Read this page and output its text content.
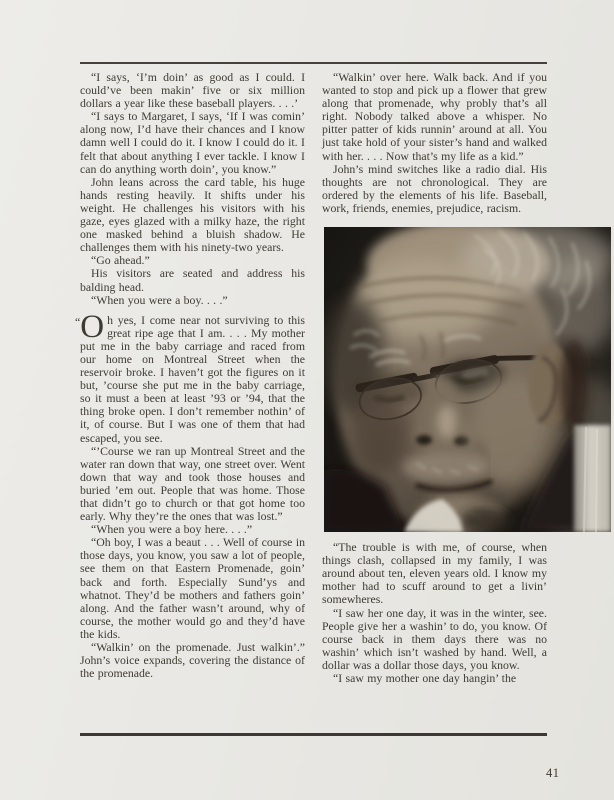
“I says, ‘I’m doin’ as good as I could. I could’ve been makin’ five or six million dollars a year like these baseball players. . . .’

“I says to Margaret, I says, ‘If I was comin’ along now, I’d have their chances and I know damn well I could do it. I know I could do it. I felt that about anything I ever tackle. I know I can do anything worth doin’, you know.”

John leans across the card table, his huge hands resting heavily. It shifts under his weight. He challenges his visitors with his gaze, eyes glazed with a milky haze, the right one masked behind a bluish shadow. He challenges them with his ninety-two years.

“Go ahead.”

His visitors are seated and address his balding head.

“When you were a boy. . . .”

“ O h yes, I come near not surviving to this great ripe age that I am. . . . My mother put me in the baby carriage and raced from our home on Montreal Street when the reservoir broke. I haven’t got the figures on it but, ’course she put me in the baby carriage, so it must a been at least ’93 or ’94, that the thing broke open. I don’t remember nothin’ of it, of course. But I was one of them that had escaped, you see.

“’Course we ran up Montreal Street and the water ran down that way, one street over. Went down that way and took those houses and buried ’em out. People that was home. Those that didn’t go to church or that got home too early. Why they’re the ones that was lost.”

“When you were a boy here. . . .”

“Oh boy, I was a beaut . . . Well of course in those days, you know, you saw a lot of people, see them on that Eastern Promenade, goin’ back and forth. Especially Sund’ys and whatnot. They’d be mothers and fathers goin’ along. And the father wasn’t around, why of course, the mother would go and they’d have the kids.

“Walkin’ on the promenade. Just walkin’.” John’s voice expands, covering the distance of the promenade.

“Walkin’ over here. Walk back. And if you wanted to stop and pick up a flower that grew along that promenade, why probly that’s all right. Nobody talked above a whisper. No pitter patter of kids runnin’ around at all. You just take hold of your sister’s hand and walked with her. . . . Now that’s my life as a kid.”

John’s mind switches like a radio dial. His thoughts are not chronological. They are ordered by the elements of his life. Baseball, work, friends, enemies, prejudice, racism.

“The trouble is with me, of course, when things clash, collapsed in my family, I was around about ten, eleven years old. I know my mother had to scuff around to get a livin’ somewheres.

“I saw her one day, it was in the winter, see. People give her a washin’ to do, you know. Of course back in them days there was no washin’ which isn’t washed by hand. Well, a dollar was a dollar those days, you know.

“I saw my mother one day hangin’ the

41
